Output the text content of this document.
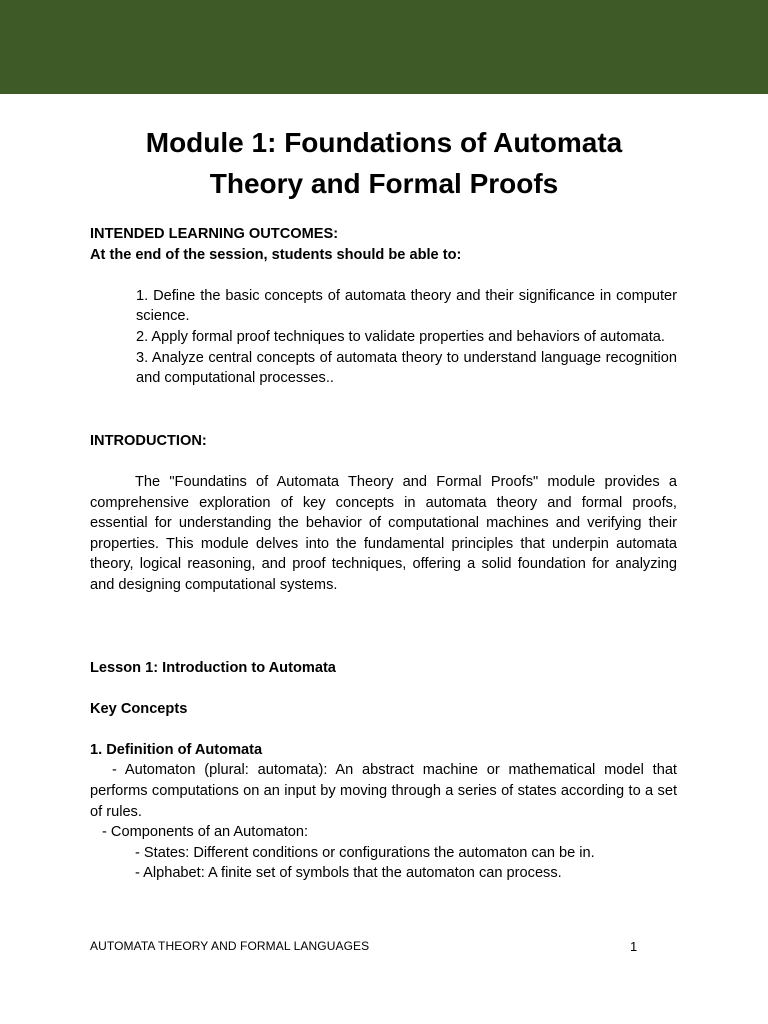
Module 1: Foundations of Automata
Theory and Formal Proofs

INTENDED LEARNING OUTCOMES:

At the end of the session, students should be able to:

1. Define the basic concepts of automata theory and their significance in computer science.
2. Apply formal proof techniques to validate properties and behaviors of automata.
3. Analyze central concepts of automata theory to understand language recognition and computational processes..

INTRODUCTION:

The "Foundatins of Automata Theory and Formal Proofs" module provides a comprehensive exploration of key concepts in automata theory and formal proofs, essential for understanding the behavior of computational machines and verifying their properties. This module delves into the fundamental principles that underpin automata theory, logical reasoning, and proof techniques, offering a solid foundation for analyzing and designing computational systems.

Lesson 1: Introduction to Automata

Key Concepts

1. Definition of Automata

- Automaton (plural: automata): An abstract machine or mathematical model that performs computations on an input by moving through a series of states according to a set of rules.

- Components of an Automaton:

- States: Different conditions or configurations the automaton can be in.

- Alphabet: A finite set of symbols that the automaton can process.

AUTOMATA THEORY AND FORMAL LANGUAGES	1
